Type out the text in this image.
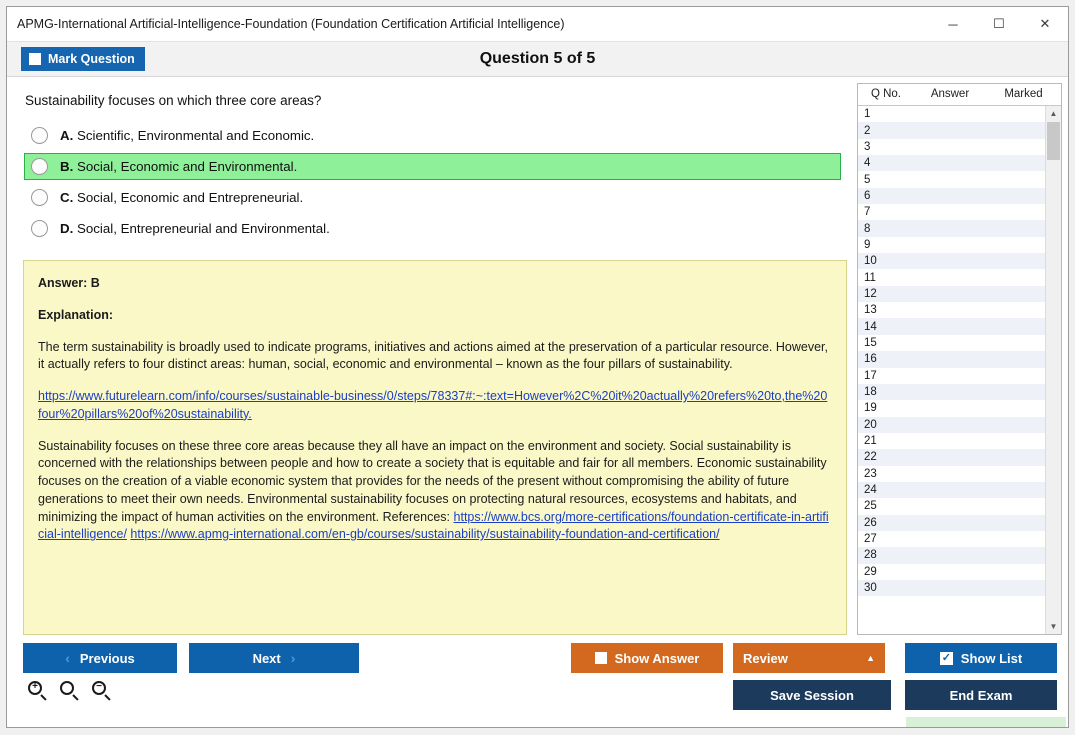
APMG-International Artificial-Intelligence-Foundation (Foundation Certification Artificial Intelligence)	─	☐	✕
Mark Question	Question 5 of 5
Sustainability focuses on which three core areas?
A. Scientific, Environmental and Economic.
B. Social, Economic and Environmental.
C. Social, Economic and Entrepreneurial.
D. Social, Entrepreneurial and Environmental.
Answer: B
Explanation:

The term sustainability is broadly used to indicate programs, initiatives and actions aimed at the preservation of a particular resource. However, it actually refers to four distinct areas: human, social, economic and environmental – known as the four pillars of sustainability.

https://www.futurelearn.com/info/courses/sustainable-business/0/steps/78337#:~:text=However%2C%20it%20actually%20refers%20to,the%20four%20pillars%20of%20sustainability.

Sustainability focuses on these three core areas because they all have an impact on the environment and society. Social sustainability is concerned with the relationships between people and how to create a society that is equitable and fair for all members. Economic sustainability focuses on the creation of a viable economic system that provides for the needs of the present without compromising the ability of future generations to meet their own needs. Environmental sustainability focuses on protecting natural resources, ecosystems and habitats, and minimizing the impact of human activities on the environment. References: https://www.bcs.org/more-certifications/foundation-certificate-in-artificial-intelligence/ https://www.apmg-international.com/en-gb/courses/sustainability/sustainability-foundation-and-certification/

Q No.	Answer	Marked
1
2
3
4
5
6
7
8
9
10
11
12
13
14
15
16
17
18
19
20
21
22
23
24
25
26
27
28
29
30
▲
▼
‹ Previous	Next ›	Show Answer	Review	▲	✓ Show List
Save Session	End Exam
+	−
